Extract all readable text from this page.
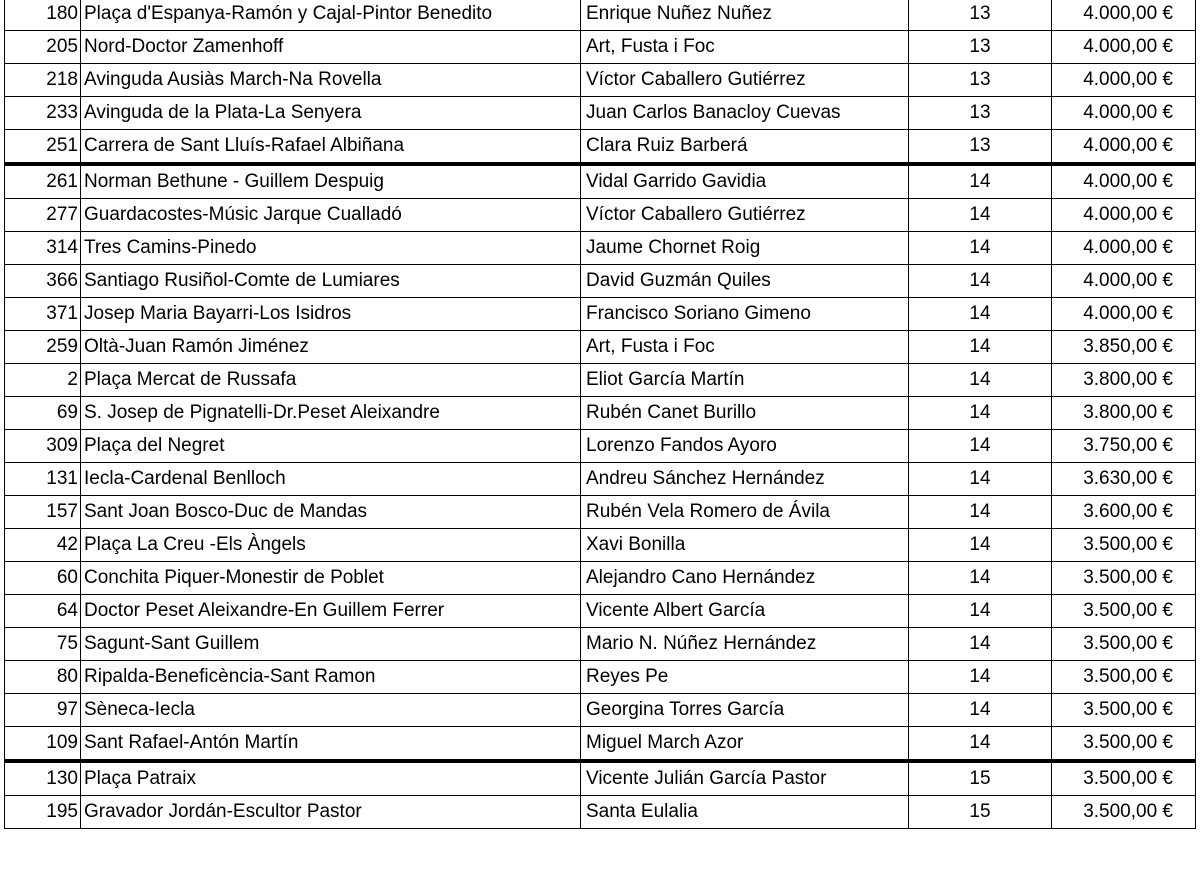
180	Plaça d'Espanya-Ramón y Cajal-Pintor Benedito	Enrique Nuñez Nuñez	13	4.000,00 €
205	Nord-Doctor Zamenhoff	Art, Fusta i Foc	13	4.000,00 €
218	Avinguda Ausiàs March-Na Rovella	Víctor Caballero Gutiérrez	13	4.000,00 €
233	Avinguda de la Plata-La Senyera	Juan Carlos Banacloy Cuevas	13	4.000,00 €
251	Carrera de Sant Lluís-Rafael Albiñana	Clara Ruiz Barberá	13	4.000,00 €
261	Norman Bethune - Guillem Despuig	Vidal Garrido Gavidia	14	4.000,00 €
277	Guardacostes-Músic Jarque Cualladó	Víctor Caballero Gutiérrez	14	4.000,00 €
314	Tres Camins-Pinedo	Jaume Chornet Roig	14	4.000,00 €
366	Santiago Rusiñol-Comte de Lumiares	David Guzmán Quiles	14	4.000,00 €
371	Josep Maria Bayarri-Los Isidros	Francisco Soriano Gimeno	14	4.000,00 €
259	Oltà-Juan Ramón Jiménez	Art, Fusta i Foc	14	3.850,00 €
2	Plaça Mercat de Russafa	Eliot García Martín	14	3.800,00 €
69	S. Josep de Pignatelli-Dr.Peset Aleixandre	Rubén Canet Burillo	14	3.800,00 €
309	Plaça del Negret	Lorenzo Fandos Ayoro	14	3.750,00 €
131	Iecla-Cardenal Benlloch	Andreu Sánchez Hernández	14	3.630,00 €
157	Sant Joan Bosco-Duc de Mandas	Rubén Vela Romero de Ávila	14	3.600,00 €
42	Plaça La Creu -Els Àngels	Xavi Bonilla	14	3.500,00 €
60	Conchita Piquer-Monestir de Poblet	Alejandro Cano Hernández	14	3.500,00 €
64	Doctor Peset Aleixandre-En Guillem Ferrer	Vicente Albert García	14	3.500,00 €
75	Sagunt-Sant Guillem	Mario N. Núñez Hernández	14	3.500,00 €
80	Ripalda-Beneficència-Sant Ramon	Reyes Pe	14	3.500,00 €
97	Sèneca-Iecla	Georgina Torres García	14	3.500,00 €
109	Sant Rafael-Antón Martín	Miguel March Azor	14	3.500,00 €
130	Plaça Patraix	Vicente Julián García Pastor	15	3.500,00 €
195	Gravador Jordán-Escultor Pastor	Santa Eulalia	15	3.500,00 €
